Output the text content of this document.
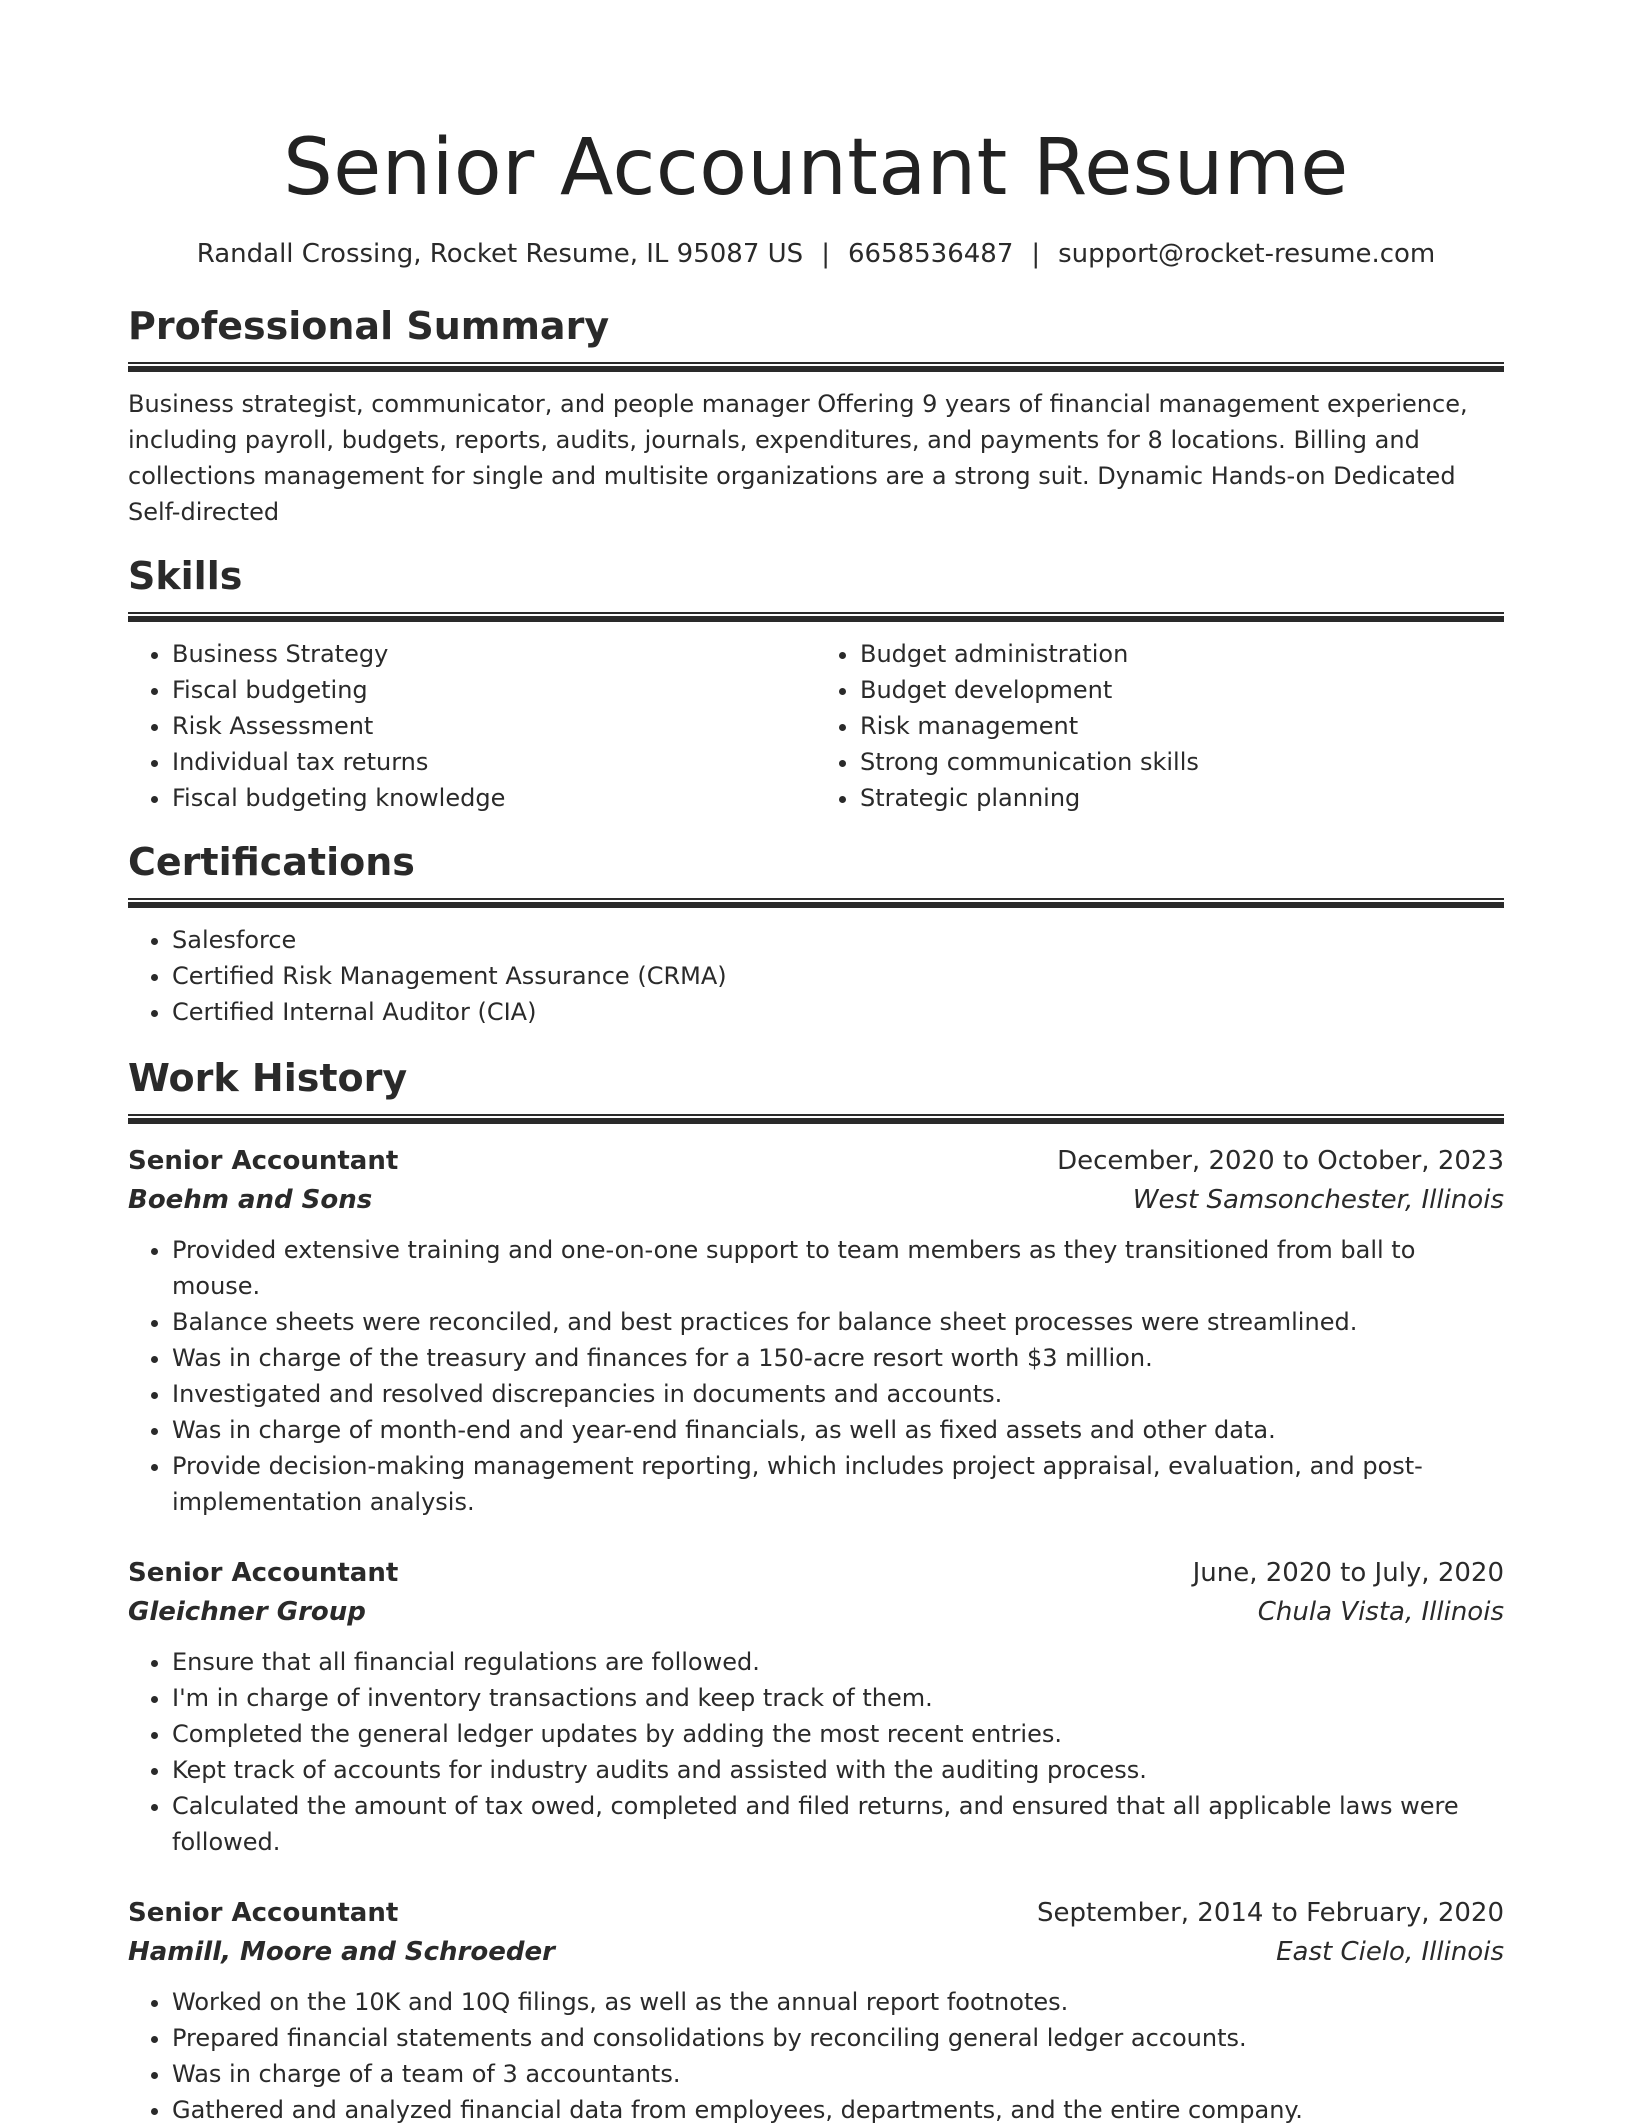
Senior Accountant Resume
Randall Crossing, Rocket Resume, IL 95087 US | 6658536487 | support@rocket-resume.com
Professional Summary
Business strategist, communicator, and people manager Offering 9 years of financial management experience, including payroll, budgets, reports, audits, journals, expenditures, and payments for 8 locations. Billing and collections management for single and multisite organizations are a strong suit. Dynamic Hands-on Dedicated Self-directed
Skills
• Business Strategy
• Fiscal budgeting
• Risk Assessment
• Individual tax returns
• Fiscal budgeting knowledge
• Budget administration
• Budget development
• Risk management
• Strong communication skills
• Strategic planning
Certifications
• Salesforce
• Certified Risk Management Assurance (CRMA)
• Certified Internal Auditor (CIA)
Work History
Senior Accountant	December, 2020 to October, 2023
Boehm and Sons	West Samsonchester, Illinois
• Provided extensive training and one-on-one support to team members as they transitioned from ball to mouse.
• Balance sheets were reconciled, and best practices for balance sheet processes were streamlined.
• Was in charge of the treasury and finances for a 150-acre resort worth $3 million.
• Investigated and resolved discrepancies in documents and accounts.
• Was in charge of month-end and year-end financials, as well as fixed assets and other data.
• Provide decision-making management reporting, which includes project appraisal, evaluation, and post-implementation analysis.
Senior Accountant	June, 2020 to July, 2020
Gleichner Group	Chula Vista, Illinois
• Ensure that all financial regulations are followed.
• I'm in charge of inventory transactions and keep track of them.
• Completed the general ledger updates by adding the most recent entries.
• Kept track of accounts for industry audits and assisted with the auditing process.
• Calculated the amount of tax owed, completed and filed returns, and ensured that all applicable laws were followed.
Senior Accountant	September, 2014 to February, 2020
Hamill, Moore and Schroeder	East Cielo, Illinois
• Worked on the 10K and 10Q filings, as well as the annual report footnotes.
• Prepared financial statements and consolidations by reconciling general ledger accounts.
• Was in charge of a team of 3 accountants.
• Gathered and analyzed financial data from employees, departments, and the entire company.
